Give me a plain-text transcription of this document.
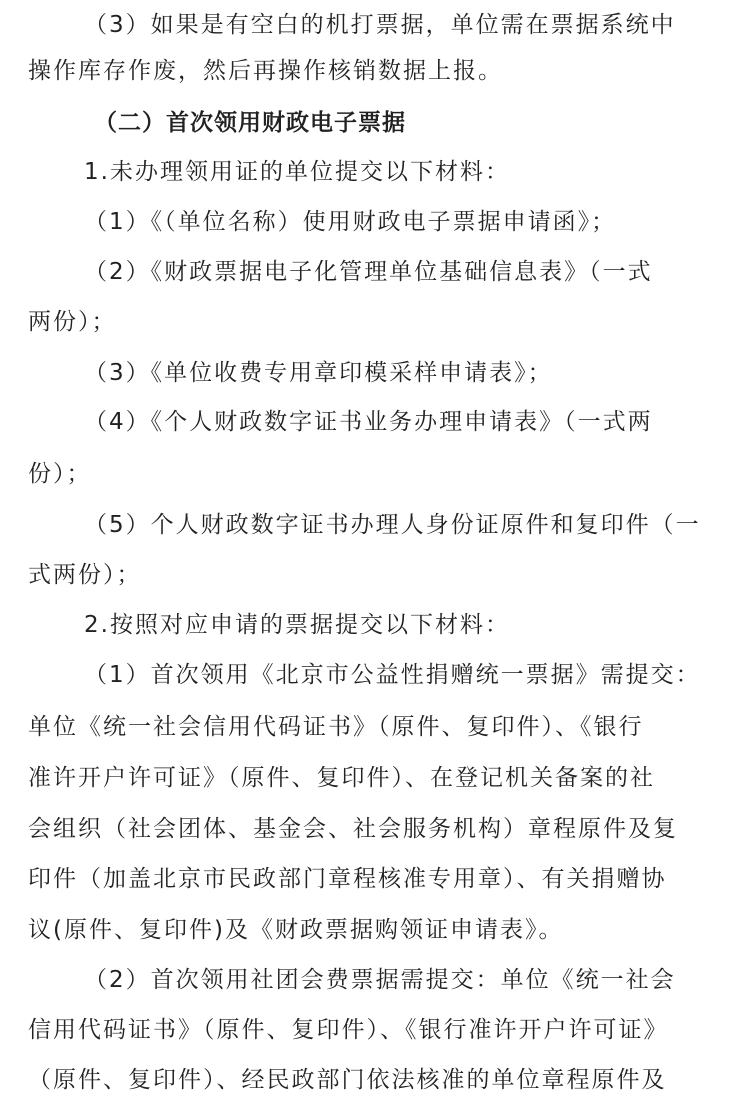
（3）如果是有空白的机打票据，单位需在票据系统中
操作库存作废，然后再操作核销数据上报。
（二）首次领用财政电子票据
1.未办理领用证的单位提交以下材料：
（1）《（单位名称）使用财政电子票据申请函》；
（2）《财政票据电子化管理单位基础信息表》（一式
两份）；
（3）《单位收费专用章印模采样申请表》；
（4）《个人财政数字证书业务办理申请表》（一式两
份）；
（5）个人财政数字证书办理人身份证原件和复印件（一
式两份）；
2.按照对应申请的票据提交以下材料：
（1）首次领用《北京市公益性捐赠统一票据》需提交：
单位《统一社会信用代码证书》（原件、复印件）、《银行
准许开户许可证》（原件、复印件）、在登记机关备案的社
会组织（社会团体、基金会、社会服务机构）章程原件及复
印件（加盖北京市民政部门章程核准专用章）、有关捐赠协
议(原件、复印件)及《财政票据购领证申请表》。
（2）首次领用社团会费票据需提交：单位《统一社会
信用代码证书》（原件、复印件）、《银行准许开户许可证》
（原件、复印件）、经民政部门依法核准的单位章程原件及
